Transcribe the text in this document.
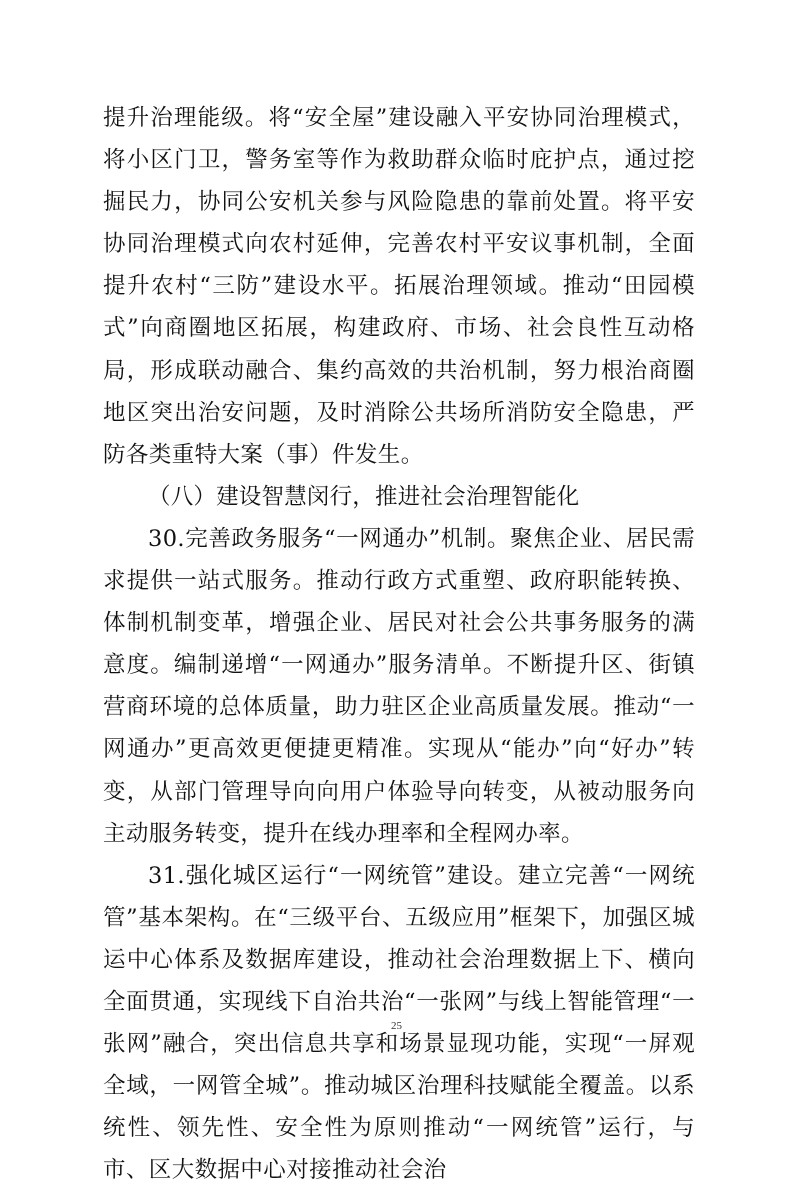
提升治理能级。将“安全屋”建设融入平安协同治理模式，将小区门卫，警务室等作为救助群众临时庇护点，通过挖掘民力，协同公安机关参与风险隐患的靠前处置。将平安协同治理模式向农村延伸，完善农村平安议事机制，全面提升农村“三防”建设水平。拓展治理领域。推动“田园模式”向商圈地区拓展，构建政府、市场、社会良性互动格局，形成联动融合、集约高效的共治机制，努力根治商圈地区突出治安问题，及时消除公共场所消防安全隐患，严防各类重特大案（事）件发生。

（八）建设智慧闵行，推进社会治理智能化

30.完善政务服务“一网通办”机制。聚焦企业、居民需求提供一站式服务。推动行政方式重塑、政府职能转换、体制机制变革，增强企业、居民对社会公共事务服务的满意度。编制递增“一网通办”服务清单。不断提升区、街镇营商环境的总体质量，助力驻区企业高质量发展。推动“一网通办”更高效更便捷更精准。实现从“能办”向“好办”转变，从部门管理导向向用户体验导向转变，从被动服务向主动服务转变，提升在线办理率和全程网办率。

31.强化城区运行“一网统管”建设。建立完善“一网统管”基本架构。在“三级平台、五级应用”框架下，加强区城运中心体系及数据库建设，推动社会治理数据上下、横向全面贯通，实现线下自治共治“一张网”与线上智能管理“一张网”融合，突出信息共享和场景显现功能，实现“一屏观全域，一网管全城”。推动城区治理科技赋能全覆盖。以系统性、领先性、安全性为原则推动“一网统管”运行，与市、区大数据中心对接推动社会治

25
